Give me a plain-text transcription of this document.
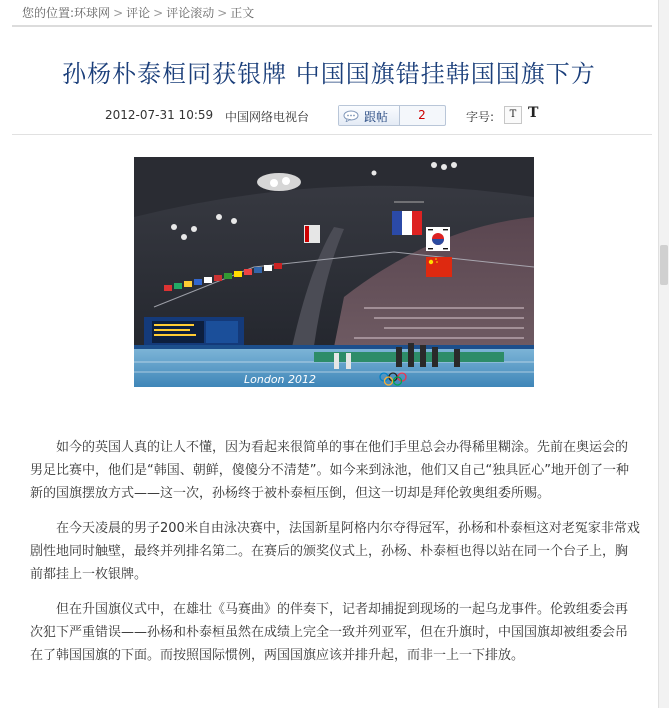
您的位置:环球网 > 评论 > 评论滚动 > 正文
孙杨朴泰桓同获银牌 中国国旗错挂韩国国旗下方
2012-07-31 10:59 中国网络电视台	跟帖	2	字号:	T T
London 2012

如今的英国人真的让人不懂，因为看起来很简单的事在他们手里总会办得稀里糊涂。先前在奥运会的男足比赛中，他们是“韩国、朝鲜，傻傻分不清楚”。如今来到泳池，他们又自己“独具匠心”地开创了一种新的国旗摆放方式——这一次，孙杨终于被朴泰桓压倒，但这一切却是拜伦敦奥组委所赐。

在今天凌晨的男子200米自由泳决赛中，法国新星阿格内尔夺得冠军，孙杨和朴泰桓这对老冤家非常戏剧性地同时触壁，最终并列排名第二。在赛后的颁奖仪式上，孙杨、朴泰桓也得以站在同一个台子上，胸前都挂上一枚银牌。

但在升国旗仪式中，在雄壮《马赛曲》的伴奏下，记者却捕捉到现场的一起乌龙事件。伦敦组委会再次犯下严重错误——孙杨和朴泰桓虽然在成绩上完全一致并列亚军，但在升旗时，中国国旗却被组委会吊在了韩国国旗的下面。而按照国际惯例，两国国旗应该并排升起，而非一上一下排放。
